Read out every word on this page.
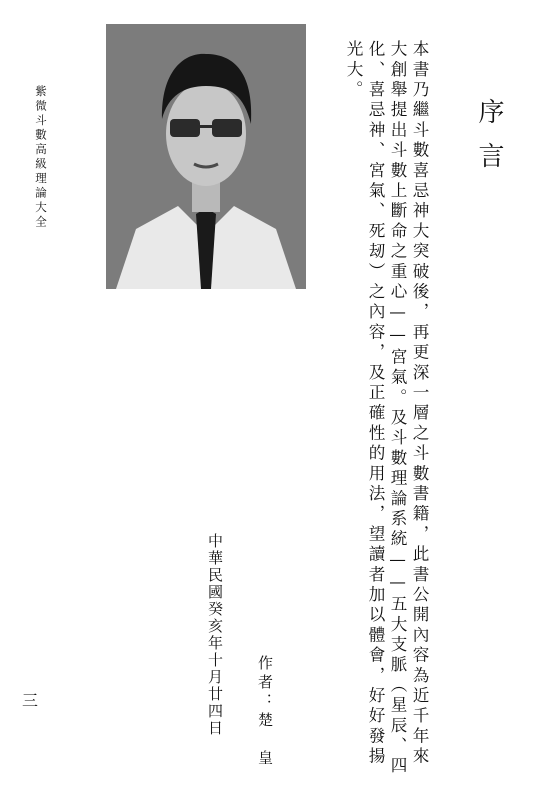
紫微斗數高級理論大全	序言
本書乃繼斗數喜忌神大突破後，再更深一層之斗數書籍，此書公開內容為近千年來大創舉提出斗數上斷命之重心——宮氣。及斗數理論系統——五大支脈（星辰、四化、喜忌神、宮氣、死刼）之內容，及正確性的用法，望讀者加以體會，好好發揚光大。
中華民國癸亥年十月廿四日 作者：楚　皇
三
